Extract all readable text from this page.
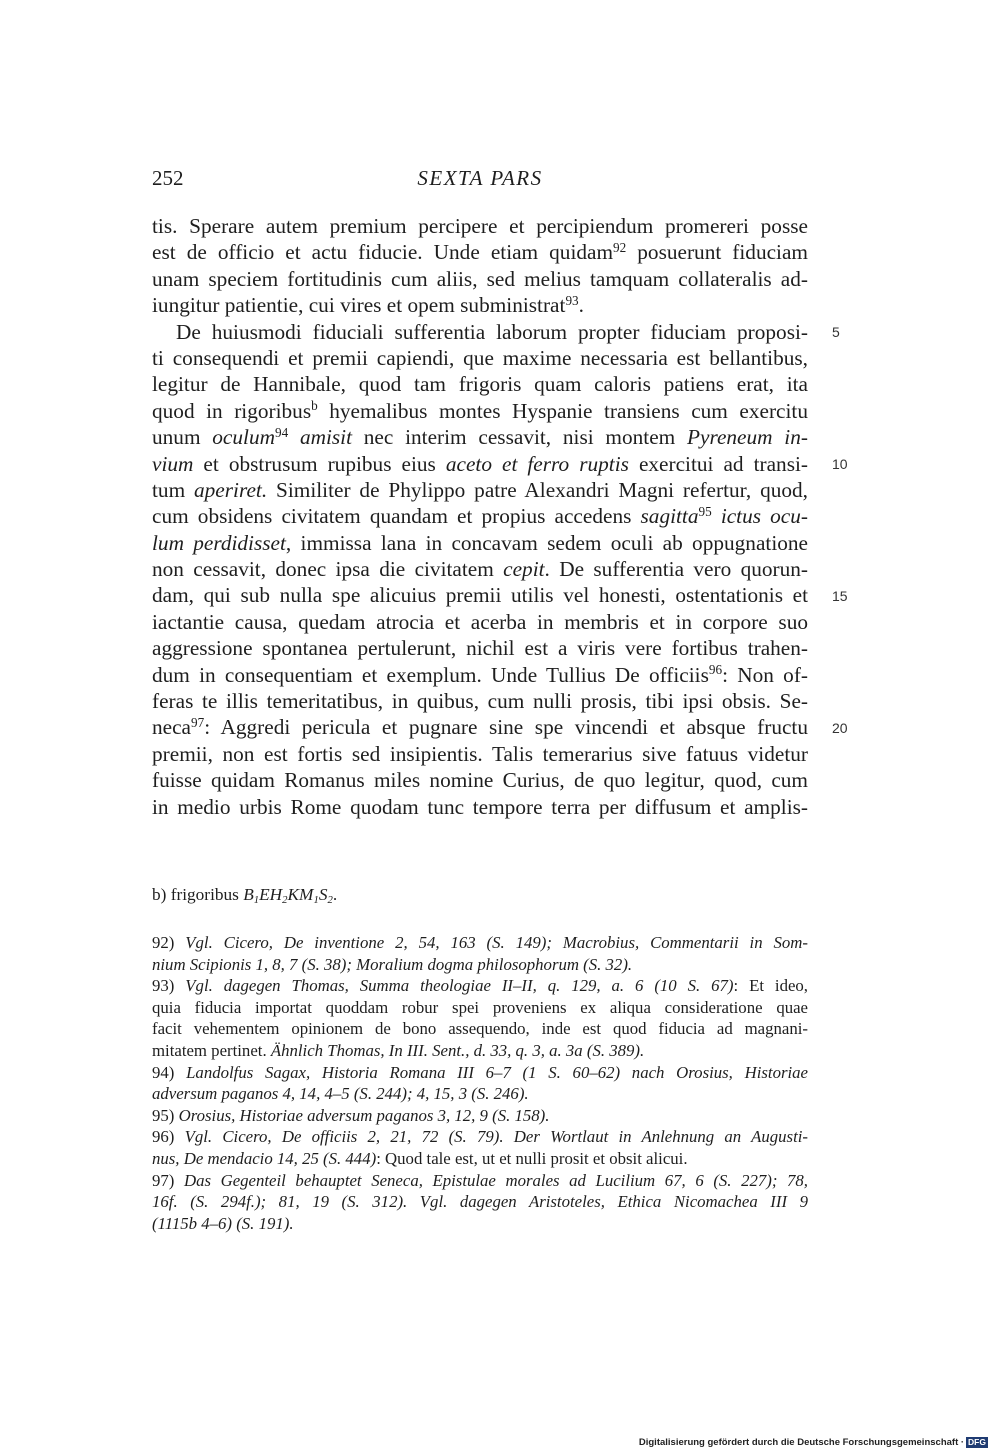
252	SEXTA PARS
5
10
15
20
tis. Sperare autem premium percipere et percipiendum promereri posse
est de officio et actu fiducie. Unde etiam quidam$^{92}$ posuerunt fiduciam
unam speciem fortitudinis cum aliis, sed melius tamquam collateralis ad-
iungitur patientie, cui vires et opem subministrat$^{93}$.
De huiusmodi fiduciali sufferentia laborum propter fiduciam proposi-
ti consequendi et premii capiendi, que maxime necessaria est bellantibus,
legitur de Hannibale, quod tam frigoris quam caloris patiens erat, ita
quod in rigoribus$^b$ hyemalibus montes Hyspanie transiens cum exercitu
unum oculum$^{94}$ amisit nec interim cessavit, nisi montem Pyreneum in-
vium et obstrusum rupibus eius aceto et ferro ruptis exercitui ad transi-
tum aperiret. Similiter de Phylippo patre Alexandri Magni refertur, quod,
cum obsidens civitatem quandam et propius accedens sagitta$^{95}$ ictus ocu-
lum perdidisset, immissa lana in concavam sedem oculi ab oppugnatione
non cessavit, donec ipsa die civitatem cepit. De sufferentia vero quorun-
dam, qui sub nulla spe alicuius premii utilis vel honesti, ostentationis et
iactantie causa, quedam atrocia et acerba in membris et in corpore suo
aggressione spontanea pertulerunt, nichil est a viris vere fortibus trahen-
dum in consequentiam et exemplum. Unde Tullius De officiis$^{96}$: Non of-
feras te illis temeritatibus, in quibus, cum nulli prosis, tibi ipsi obsis. Se-
neca$^{97}$: Aggredi pericula et pugnare sine spe vincendi et absque fructu
premii, non est fortis sed insipientis. Talis temerarius sive fatuus videtur
fuisse quidam Romanus miles nomine Curius, de quo legitur, quod, cum
in medio urbis Rome quodam tunc tempore terra per diffusum et amplis-
b) frigoribus $B_1EH_2KM_1S_2$.
92) Vgl. Cicero, De inventione 2, 54, 163 (S. 149); Macrobius, Commentarii in Som-
nium Scipionis 1, 8, 7 (S. 38); Moralium dogma philosophorum (S. 32).
93) Vgl. dagegen Thomas, Summa theologiae II–II, q. 129, a. 6 (10 S. 67): Et ideo,
quia fiducia importat quoddam robur spei proveniens ex aliqua consideratione quae
facit vehementem opinionem de bono assequendo, inde est quod fiducia ad magnani-
mitatem pertinet. Ähnlich Thomas, In III. Sent., d. 33, q. 3, a. 3a (S. 389).
94) Landolfus Sagax, Historia Romana III 6–7 (1 S. 60–62) nach Orosius, Historiae
adversum paganos 4, 14, 4–5 (S. 244); 4, 15, 3 (S. 246).
95) Orosius, Historiae adversum paganos 3, 12, 9 (S. 158).
96) Vgl. Cicero, De officiis 2, 21, 72 (S. 79). Der Wortlaut in Anlehnung an Augusti-
nus, De mendacio 14, 25 (S. 444): Quod tale est, ut et nulli prosit et obsit alicui.
97) Das Gegenteil behauptet Seneca, Epistulae morales ad Lucilium 67, 6 (S. 227); 78,
16f. (S. 294f.); 81, 19 (S. 312). Vgl. dagegen Aristoteles, Ethica Nicomachea III 9
(1115b 4–6) (S. 191).
Digitalisierung gefördert durch die Deutsche Forschungsgemeinschaft · DFG
